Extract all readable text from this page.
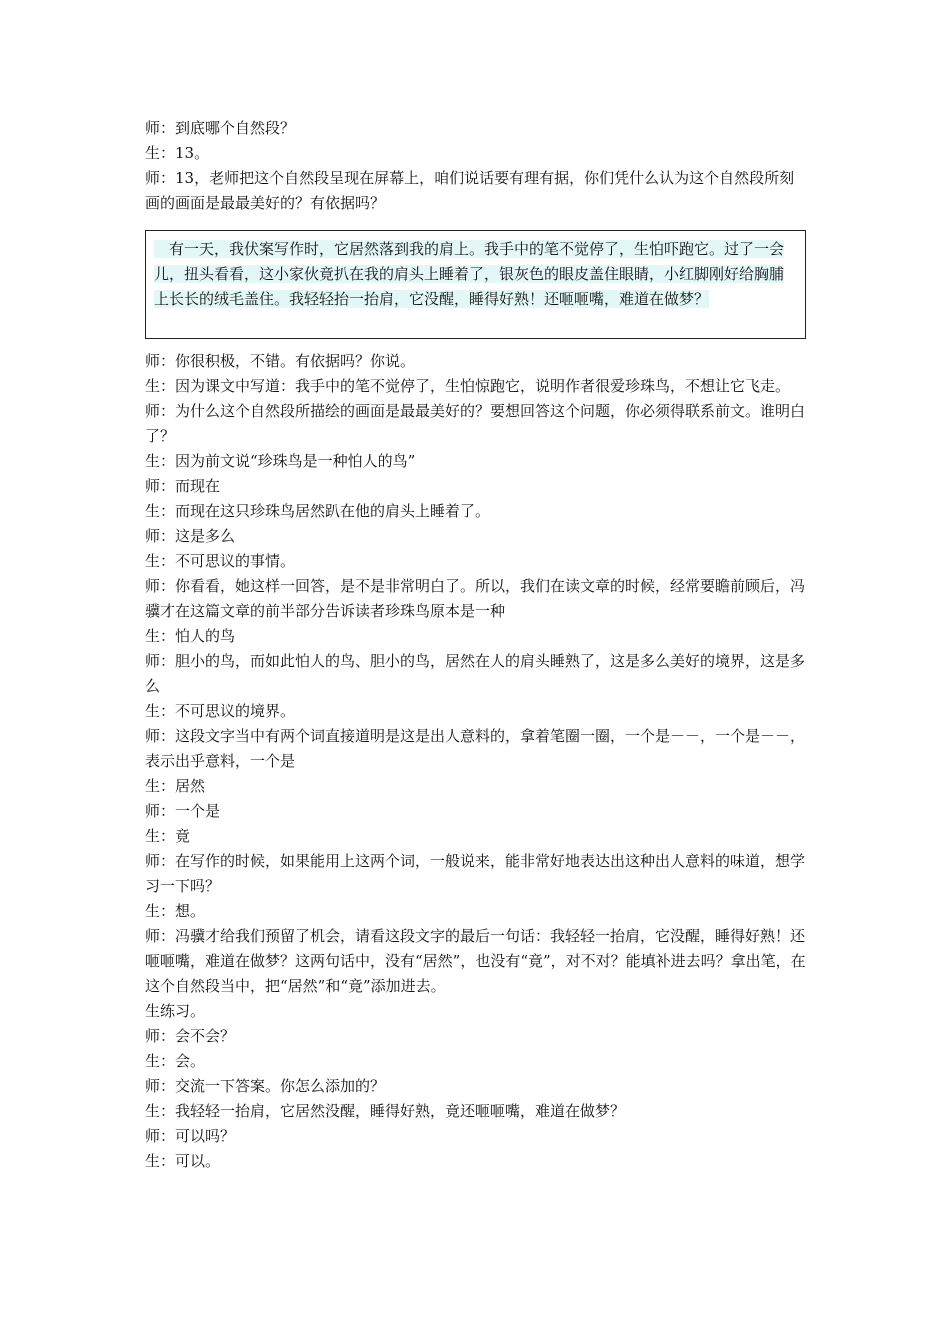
师：到底哪个自然段？

生：13。

师：13，老师把这个自然段呈现在屏幕上，咱们说话要有理有据，你们凭什么认为这个自然段所刻画的画面是最最美好的？有依据吗？

　有一天，我伏案写作时，它居然落到我的肩上。我手中的笔不觉停了，生怕吓跑它。过了一会儿，扭头看看，这小家伙竟扒在我的肩头上睡着了，银灰色的眼皮盖住眼睛，小红脚刚好给胸脯上长长的绒毛盖住。我轻轻抬一抬肩，它没醒，睡得好熟！还咂咂嘴，难道在做梦？

师：你很积极，不错。有依据吗？你说。

生：因为课文中写道：我手中的笔不觉停了，生怕惊跑它，说明作者很爱珍珠鸟，不想让它飞走。

师：为什么这个自然段所描绘的画面是最最美好的？要想回答这个问题，你必须得联系前文。谁明白了？

生：因为前文说“珍珠鸟是一种怕人的鸟”

师：而现在

生：而现在这只珍珠鸟居然趴在他的肩头上睡着了。

师：这是多么

生：不可思议的事情。

师：你看看，她这样一回答，是不是非常明白了。所以，我们在读文章的时候，经常要瞻前顾后，冯骥才在这篇文章的前半部分告诉读者珍珠鸟原本是一种

生：怕人的鸟

师：胆小的鸟，而如此怕人的鸟、胆小的鸟，居然在人的肩头睡熟了，这是多么美好的境界，这是多么

生：不可思议的境界。

师：这段文字当中有两个词直接道明是这是出人意料的，拿着笔圈一圈，一个是－－，一个是－－，表示出乎意料，一个是

生：居然

师：一个是

生：竟

师：在写作的时候，如果能用上这两个词，一般说来，能非常好地表达出这种出人意料的味道，想学习一下吗？

生：想。

师：冯骥才给我们预留了机会，请看这段文字的最后一句话：我轻轻一抬肩，它没醒，睡得好熟！还咂咂嘴，难道在做梦？这两句话中，没有“居然”，也没有“竟”，对不对？能填补进去吗？拿出笔，在这个自然段当中，把“居然”和“竟”添加进去。

生练习。

师：会不会？

生：会。

师：交流一下答案。你怎么添加的？

生：我轻轻一抬肩，它居然没醒，睡得好熟，竟还咂咂嘴，难道在做梦？

师：可以吗？

生：可以。
